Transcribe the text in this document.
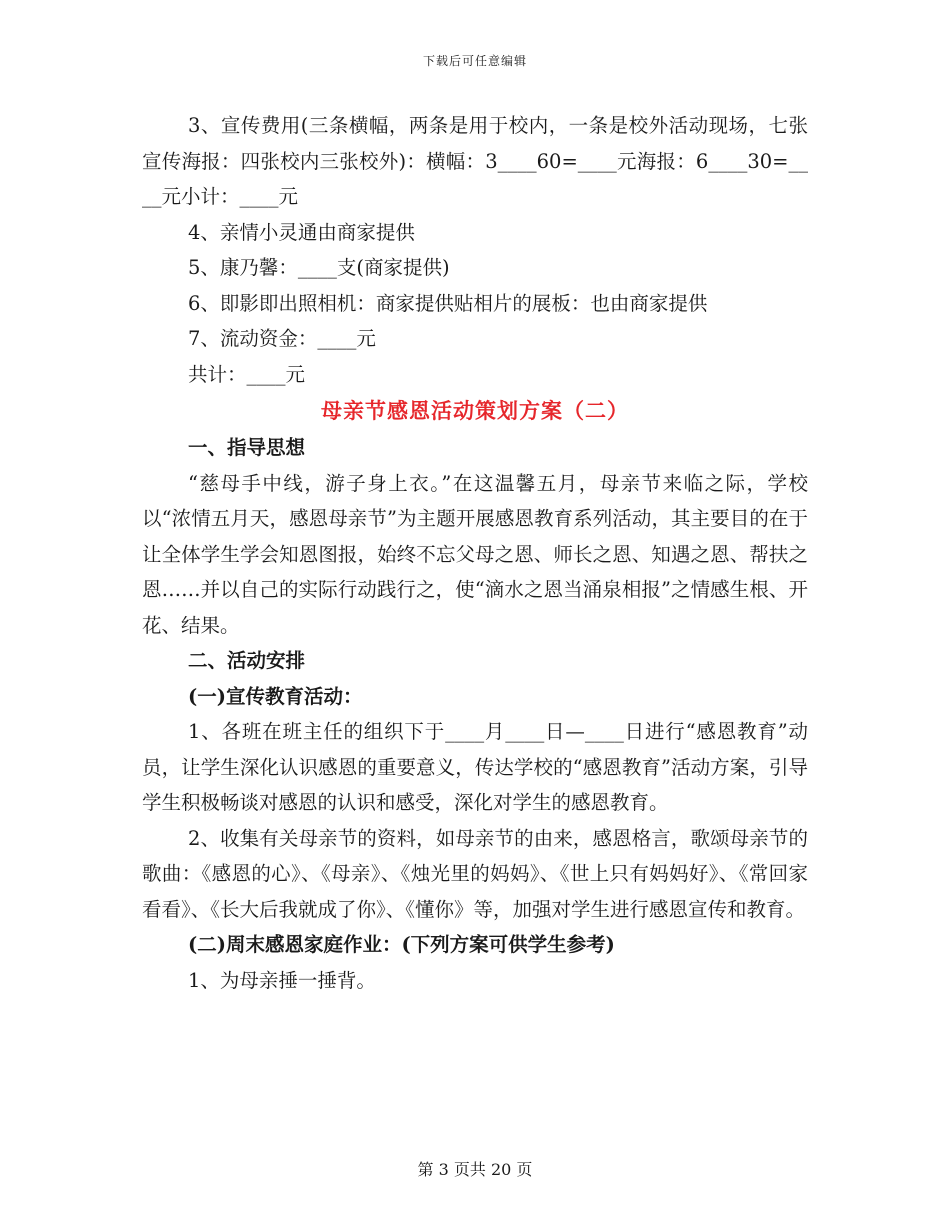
下载后可任意编辑

3、宣传费用(三条横幅，两条是用于校内，一条是校外活动现场，七张宣传海报：四张校内三张校外)：横幅：3____60=____元海报：6____30=____元小计：____元

4、亲情小灵通由商家提供

5、康乃馨：____支(商家提供)

6、即影即出照相机：商家提供贴相片的展板：也由商家提供

7、流动资金：____元

共计：____元

母亲节感恩活动策划方案（二）

一、指导思想

“慈母手中线，游子身上衣。”在这温馨五月，母亲节来临之际，学校以“浓情五月天，感恩母亲节”为主题开展感恩教育系列活动，其主要目的在于让全体学生学会知恩图报，始终不忘父母之恩、师长之恩、知遇之恩、帮扶之恩……并以自己的实际行动践行之，使“滴水之恩当涌泉相报”之情感生根、开花、结果。

二、活动安排

(一)宣传教育活动：

1、各班在班主任的组织下于____月____日—____日进行“感恩教育”动员，让学生深化认识感恩的重要意义，传达学校的“感恩教育”活动方案，引导学生积极畅谈对感恩的认识和感受，深化对学生的感恩教育。

2、收集有关母亲节的资料，如母亲节的由来，感恩格言，歌颂母亲节的歌曲：《感恩的心》、《母亲》、《烛光里的妈妈》、《世上只有妈妈好》、《常回家看看》、《长大后我就成了你》、《懂你》等，加强对学生进行感恩宣传和教育。

(二)周末感恩家庭作业：(下列方案可供学生参考)

1、为母亲捶一捶背。

第 3 页共 20 页
